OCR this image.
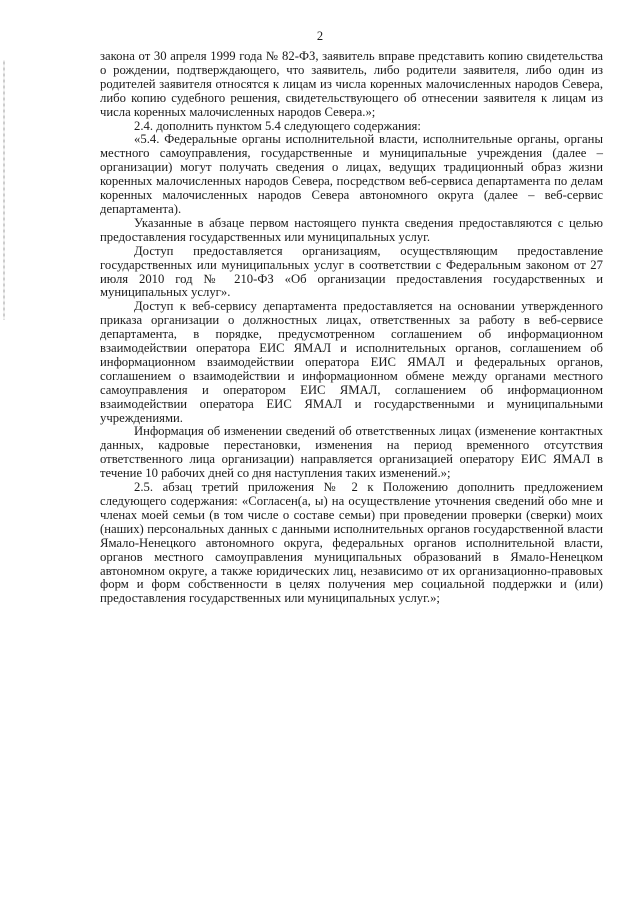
2

закона от 30 апреля 1999 года № 82-ФЗ, заявитель вправе представить копию свидетельства о рождении, подтверждающего, что заявитель, либо родители заявителя, либо один из родителей заявителя относятся к лицам из числа коренных малочисленных народов Севера, либо копию судебного решения, свидетельствующего об отнесении заявителя к лицам из числа коренных малочисленных народов Севера.»;

2.4. дополнить пунктом 5.4 следующего содержания:

«5.4. Федеральные органы исполнительной власти, исполнительные органы, органы местного самоуправления, государственные и муниципальные учреждения (далее – организации) могут получать сведения о лицах, ведущих традиционный образ жизни коренных малочисленных народов Севера, посредством веб-сервиса департамента по делам коренных малочисленных народов Севера автономного округа (далее – веб-сервис департамента).

Указанные в абзаце первом настоящего пункта сведения предоставляются с целью предоставления государственных или муниципальных услуг.

Доступ предоставляется организациям, осуществляющим предоставление государственных или муниципальных услуг в соответствии с Федеральным законом от 27 июля 2010 год № 210-ФЗ «Об организации предоставления государственных и муниципальных услуг».

Доступ к веб-сервису департамента предоставляется на основании утвержденного приказа организации о должностных лицах, ответственных за работу в веб-сервисе департамента, в порядке, предусмотренном соглашением об информационном взаимодействии оператора ЕИС ЯМАЛ и исполнительных органов, соглашением об информационном взаимодействии оператора ЕИС ЯМАЛ и федеральных органов, соглашением о взаимодействии и информационном обмене между органами местного самоуправления и оператором ЕИС ЯМАЛ, соглашением об информационном взаимодействии оператора ЕИС ЯМАЛ и государственными и муниципальными учреждениями.

Информация об изменении сведений об ответственных лицах (изменение контактных данных, кадровые перестановки, изменения на период временного отсутствия ответственного лица организации) направляется организацией оператору ЕИС ЯМАЛ в течение 10 рабочих дней со дня наступления таких изменений.»;

2.5. абзац третий приложения № 2 к Положению дополнить предложением следующего содержания: «Согласен(а, ы) на осуществление уточнения сведений обо мне и членах моей семьи (в том числе о составе семьи) при проведении проверки (сверки) моих (наших) персональных данных с данными исполнительных органов государственной власти Ямало-Ненецкого автономного округа, федеральных органов исполнительной власти, органов местного самоуправления муниципальных образований в Ямало-Ненецком автономном округе, а также юридических лиц, независимо от их организационно-правовых форм и форм собственности в целях получения мер социальной поддержки и (или) предоставления государственных или муниципальных услуг.»;
